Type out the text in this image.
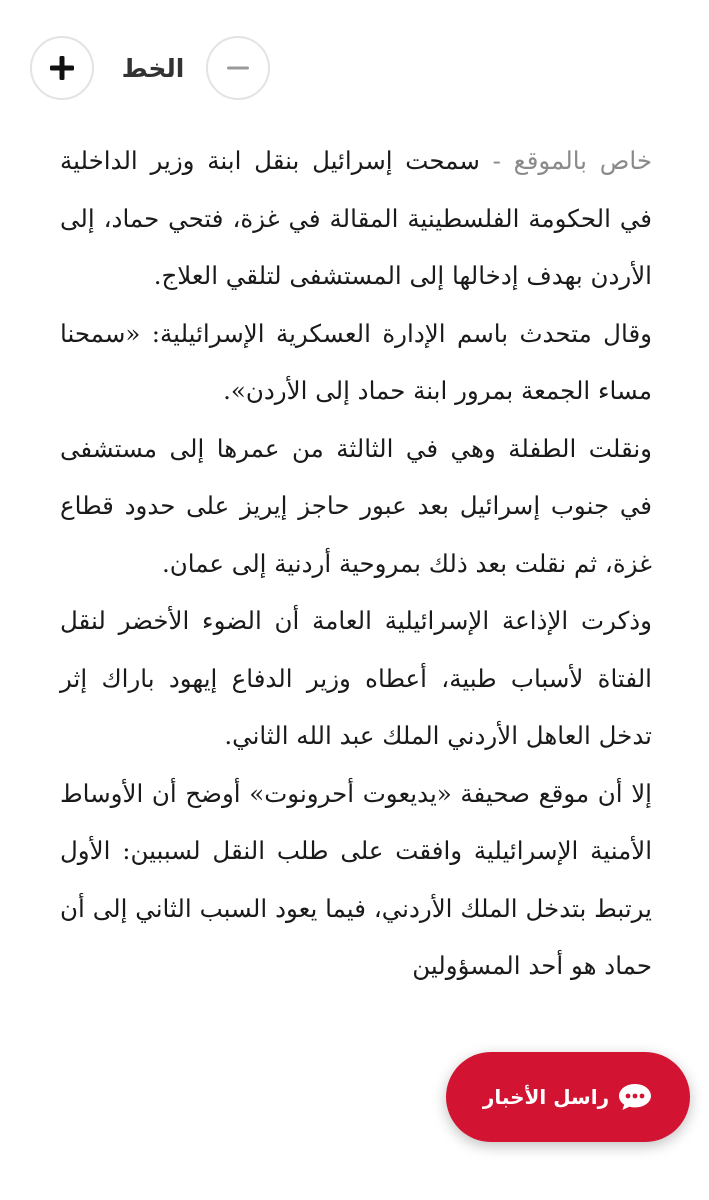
الخط

خاص بالموقع - سمحت إسرائيل بنقل ابنة وزير الداخلية في الحكومة الفلسطينية المقالة في غزة، فتحي حماد، إلى الأردن بهدف إدخالها إلى المستشفى لتلقي العلاج.

وقال متحدث باسم الإدارة العسكرية الإسرائيلية: «سمحنا مساء الجمعة بمرور ابنة حماد إلى الأردن».

ونقلت الطفلة وهي في الثالثة من عمرها إلى مستشفى في جنوب إسرائيل بعد عبور حاجز إيريز على حدود قطاع غزة، ثم نقلت بعد ذلك بمروحية أردنية إلى عمان.

وذكرت الإذاعة الإسرائيلية العامة أن الضوء الأخضر لنقل الفتاة لأسباب طبية، أعطاه وزير الدفاع إيهود باراك إثر تدخل العاهل الأردني الملك عبد الله الثاني.

إلا أن موقع صحيفة «يديعوت أحرونوت» أوضح أن الأوساط الأمنية الإسرائيلية وافقت على طلب النقل لسببين: الأول يرتبط بتدخل الملك الأردني، فيما يعود السبب الثاني إلى أن حماد هو أحد المسؤولين

راسل الأخبار
